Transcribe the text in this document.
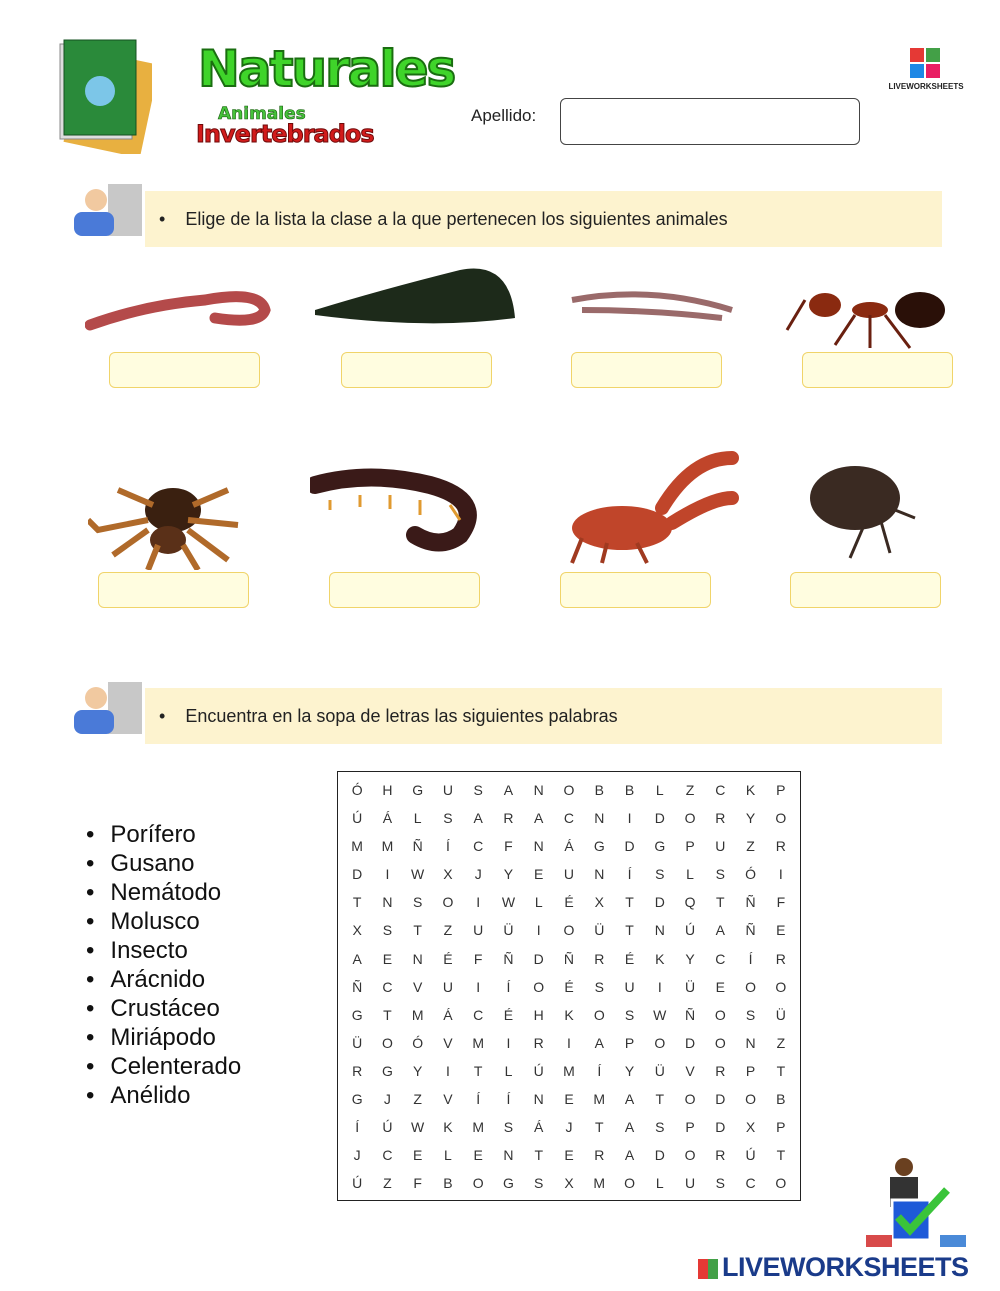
Naturales
Animales
Invertebrados
Apellido:
LIVEWORKSHEETS
• Elige de la lista la clase a la que pertenecen los siguientes animales
• Encuentra en la sopa de letras las siguientes palabras
• Porífero
• Gusano
• Nemátodo
• Molusco
• Insecto
• Arácnido
• Crustáceo
• Miriápodo
• Celenterado
• Anélido
Ó	H	G	U	S	A	N	O	B	B	L	Z	C	K	P
Ú	Á	L	S	A	R	A	C	N	I	D	O	R	Y	O
M	M	Ñ	Í	C	F	N	Á	G	D	G	P	U	Z	R
D	I	W	X	J	Y	E	U	N	Í	S	L	S	Ó	I
T	N	S	O	I	W	L	É	X	T	D	Q	T	Ñ	F
X	S	T	Z	U	Ü	I	O	Ü	T	N	Ú	A	Ñ	E
A	E	N	É	F	Ñ	D	Ñ	R	É	K	Y	C	Í	R
Ñ	C	V	U	I	Í	O	É	S	U	I	Ü	E	O	O
G	T	M	Á	C	É	H	K	O	S	W	Ñ	O	S	Ü
Ü	O	Ó	V	M	I	R	I	A	P	O	D	O	N	Z
R	G	Y	I	T	L	Ú	M	Í	Y	Ü	V	R	P	T
G	J	Z	V	Í	Í	N	E	M	A	T	O	D	O	B
Í	Ú	W	K	M	S	Á	J	T	A	S	P	D	X	P
J	C	E	L	E	N	T	E	R	A	D	O	R	Ú	T
Ú	Z	F	B	O	G	S	X	M	O	L	U	S	C	O
LIVEWORKSHEETS
